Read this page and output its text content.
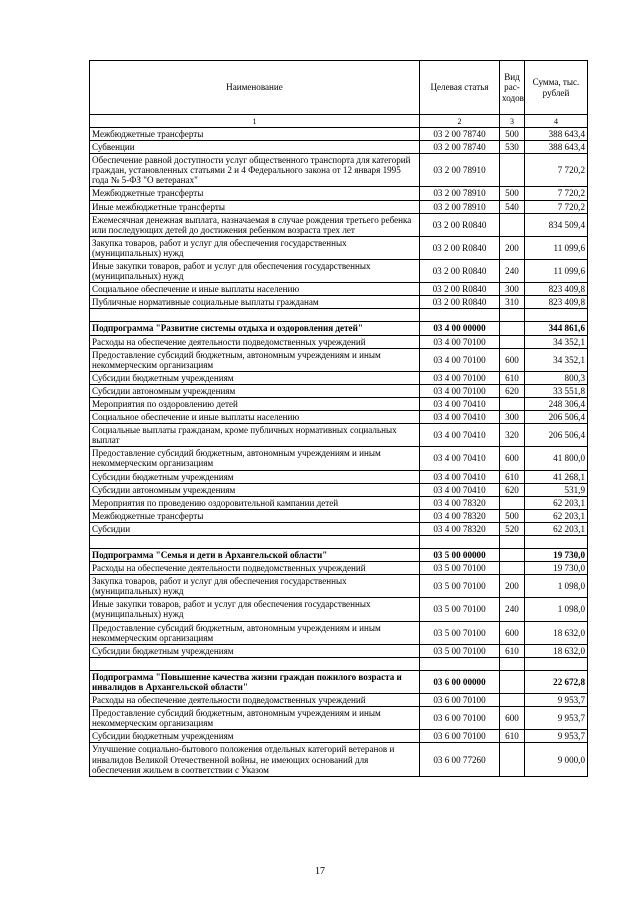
Наименование	Целевая статья	Вид рас-ходов	Сумма, тыс. рублей
1	2	3	4
Межбюджетные трансферты	03 2 00 78740	500	388 643,4
Субвенции	03 2 00 78740	530	388 643,4
Обеспечение равной доступности услуг общественного транспорта для категорий граждан, установленных статьями 2 и 4 Федерального закона от 12 января 1995 года № 5-ФЗ "О ветеранах"	03 2 00 78910		7 720,2
Межбюджетные трансферты	03 2 00 78910	500	7 720,2
Иные межбюджетные трансферты	03 2 00 78910	540	7 720,2
Ежемесячная денежная выплата, назначаемая в случае рождения третьего ребенка или последующих детей до достижения ребенком возраста трех лет	03 2 00 R0840		834 509,4
Закупка товаров, работ и услуг для обеспечения государственных (муниципальных) нужд	03 2 00 R0840	200	11 099,6
Иные закупки товаров, работ и услуг для обеспечения государственных (муниципальных) нужд	03 2 00 R0840	240	11 099,6
Социальное обеспечение и иные выплаты населению	03 2 00 R0840	300	823 409,8
Публичные нормативные социальные выплаты гражданам	03 2 00 R0840	310	823 409,8

Подпрограмма "Развитие системы отдыха и оздоровления детей"	03 4 00 00000		344 861,6
Расходы на обеспечение деятельности подведомственных учреждений	03 4 00 70100		34 352,1
Предоставление субсидий бюджетным, автономным учреждениям и иным некоммерческим организациям	03 4 00 70100	600	34 352,1
Субсидии бюджетным учреждениям	03 4 00 70100	610	800,3
Субсидии автономным учреждениям	03 4 00 70100	620	33 551,8
Мероприятия по оздоровлению детей	03 4 00 70410		248 306,4
Социальное обеспечение и иные выплаты населению	03 4 00 70410	300	206 506,4
Социальные выплаты гражданам, кроме публичных нормативных социальных выплат	03 4 00 70410	320	206 506,4
Предоставление субсидий бюджетным, автономным учреждениям и иным некоммерческим организациям	03 4 00 70410	600	41 800,0
Субсидии бюджетным учреждениям	03 4 00 70410	610	41 268,1
Субсидии автономным учреждениям	03 4 00 70410	620	531,9
Мероприятия по проведению оздоровительной кампании детей	03 4 00 78320		62 203,1
Межбюджетные трансферты	03 4 00 78320	500	62 203,1
Субсидии	03 4 00 78320	520	62 203,1

Подпрограмма "Семья и дети в Архангельской области"	03 5 00 00000		19 730,0
Расходы на обеспечение деятельности подведомственных учреждений	03 5 00 70100		19 730,0
Закупка товаров, работ и услуг для обеспечения государственных (муниципальных) нужд	03 5 00 70100	200	1 098,0
Иные закупки товаров, работ и услуг для обеспечения государственных (муниципальных) нужд	03 5 00 70100	240	1 098,0
Предоставление субсидий бюджетным, автономным учреждениям и иным некоммерческим организациям	03 5 00 70100	600	18 632,0
Субсидии бюджетным учреждениям	03 5 00 70100	610	18 632,0

Подпрограмма "Повышение качества жизни граждан пожилого возраста и инвалидов в Архангельской области"	03 6 00 00000		22 672,8
Расходы на обеспечение деятельности подведомственных учреждений	03 6 00 70100		9 953,7
Предоставление субсидий бюджетным, автономным учреждениям и иным некоммерческим организациям	03 6 00 70100	600	9 953,7
Субсидии бюджетным учреждениям	03 6 00 70100	610	9 953,7
Улучшение социально-бытового положения отдельных категорий ветеранов и инвалидов Великой Отечественной войны, не имеющих оснований для обеспечения жильем в соответствии с Указом	03 6 00 77260		9 000,0
17
